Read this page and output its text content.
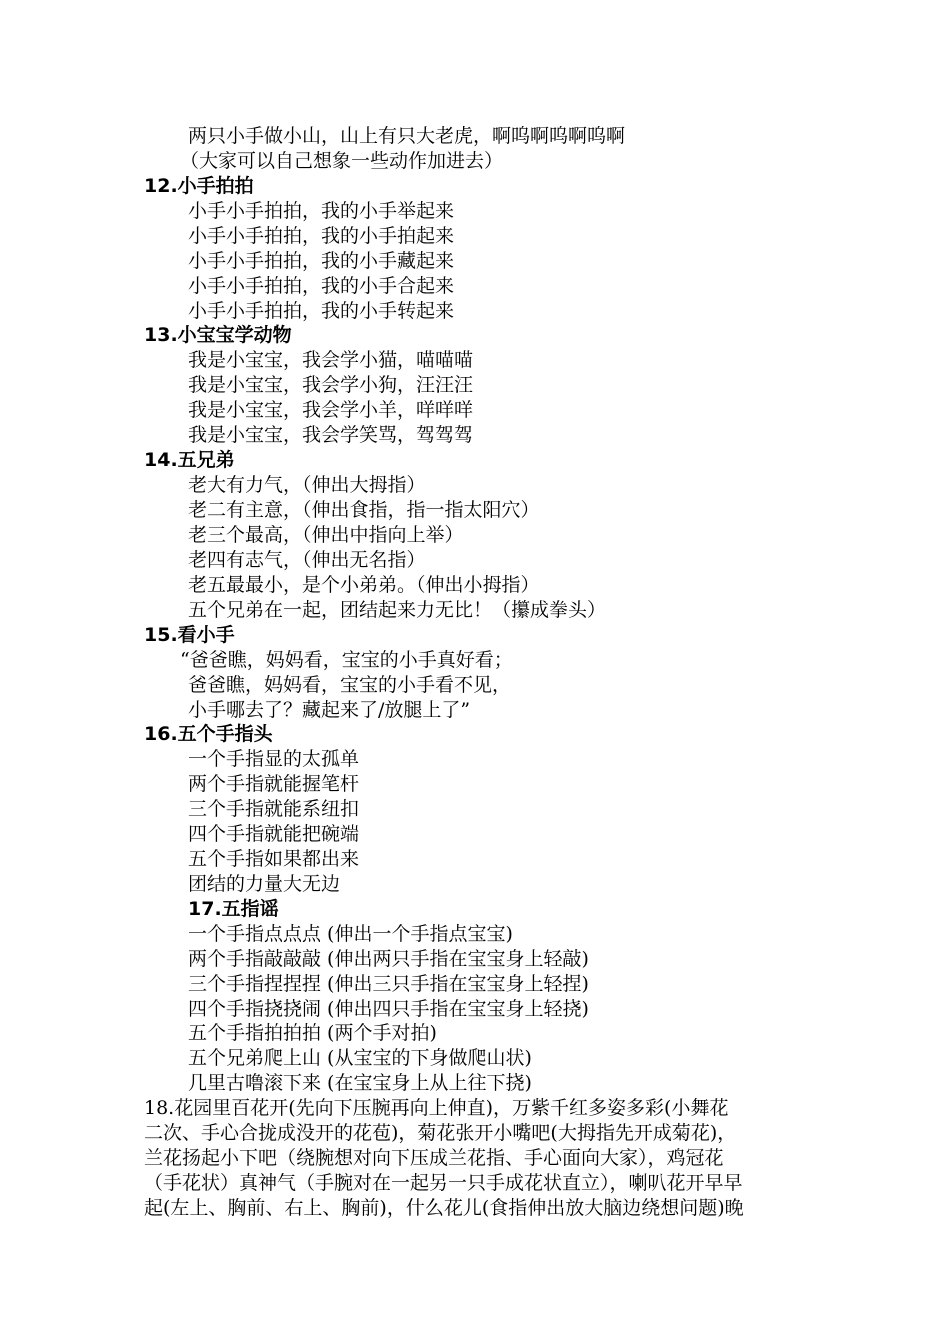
两只小手做小山，山上有只大老虎，啊呜啊呜啊呜啊
（大家可以自己想象一些动作加进去）
12.小手拍拍
小手小手拍拍，我的小手举起来
小手小手拍拍，我的小手拍起来
小手小手拍拍，我的小手藏起来
小手小手拍拍，我的小手合起来
小手小手拍拍，我的小手转起来
13.小宝宝学动物
我是小宝宝，我会学小猫，喵喵喵
我是小宝宝，我会学小狗，汪汪汪
我是小宝宝，我会学小羊，咩咩咩
我是小宝宝，我会学笑骂，驾驾驾
14.五兄弟
老大有力气，（伸出大拇指）
老二有主意，（伸出食指，指一指太阳穴）
老三个最高，（伸出中指向上举）
老四有志气，（伸出无名指）
老五最最小，是个小弟弟。（伸出小拇指）
五个兄弟在一起，团结起来力无比！（攥成拳头）
15.看小手
“爸爸瞧，妈妈看，宝宝的小手真好看；
爸爸瞧，妈妈看，宝宝的小手看不见，
小手哪去了？藏起来了/放腿上了”
16.五个手指头
一个手指显的太孤单
两个手指就能握笔杆
三个手指就能系纽扣
四个手指就能把碗端
五个手指如果都出来
团结的力量大无边
17.五指谣
一个手指点点点 (伸出一个手指点宝宝)
两个手指敲敲敲 (伸出两只手指在宝宝身上轻敲)
三个手指捏捏捏 (伸出三只手指在宝宝身上轻捏)
四个手指挠挠闹 (伸出四只手指在宝宝身上轻挠)
五个手指拍拍拍 (两个手对拍)
五个兄弟爬上山 (从宝宝的下身做爬山状)
几里古噜滚下来 (在宝宝身上从上往下挠)
18.花园里百花开(先向下压腕再向上伸直)，万紫千红多姿多彩(小舞花
二次、手心合拢成没开的花苞)，菊花张开小嘴吧(大拇指先开成菊花)，
兰花扬起小下吧（绕腕想对向下压成兰花指、手心面向大家），鸡冠花
（手花状）真神气（手腕对在一起另一只手成花状直立），喇叭花开早早
起(左上、胸前、右上、胸前)，什么花儿(食指伸出放大脑边绕想问题)晚
